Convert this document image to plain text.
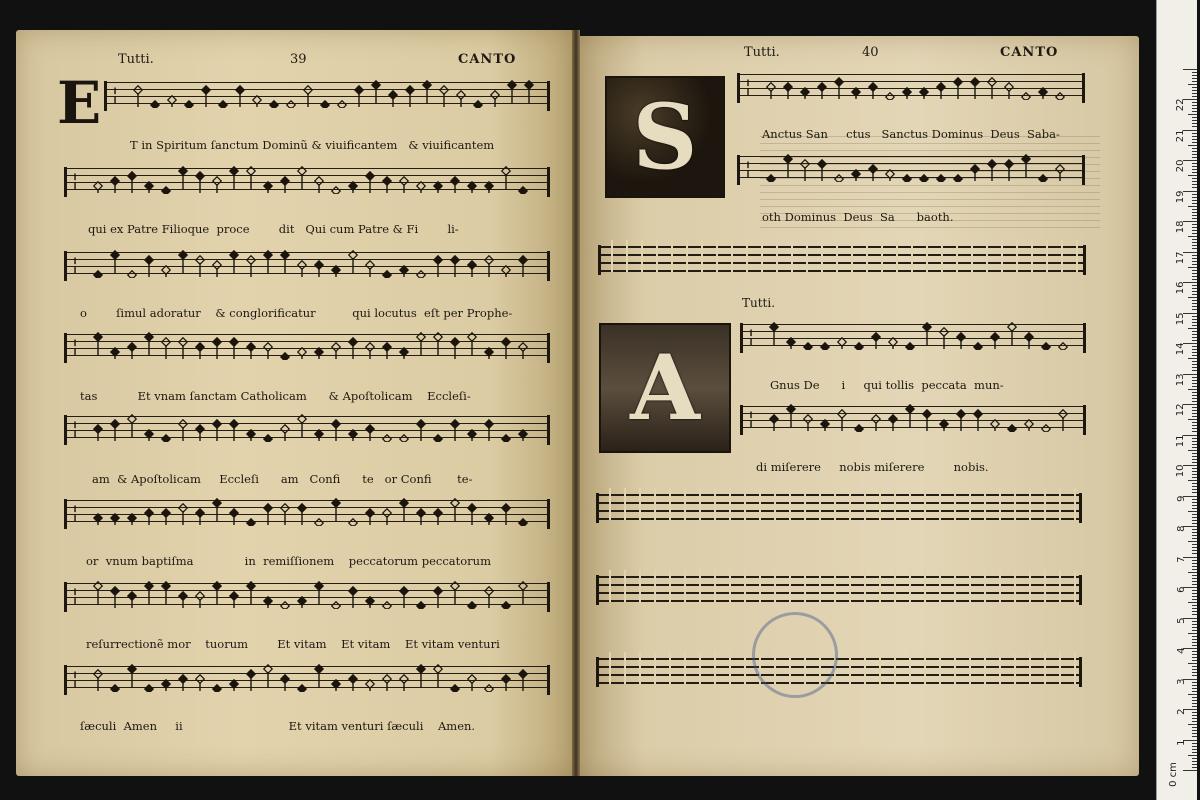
Tutti.	39	CANTO
E ¦
¦
¦
¦
¦
¦
¦
¦
T in Spiritum ſanctum Dominũ & viuificantem   & viuificantem
qui ex Patre Filioque  proce        dit   Qui cum Patre & Fi        li-
o        ſimul adoratur    & conglorificatur          qui locutus  eſt per Prophe-
tas           Et vnam ſanctam Catholicam      & Apoſtolicam    Eccleſi-
am  & Apoſtolicam     Eccleſi      am   Confi      te   or Confi       te-
or  vnum baptiſma              in  remiſſionem    peccatorum peccatorum
reſurrectionẽ mor    tuorum        Et vitam    Et vitam    Et vitam venturi
ſæculi  Amen     ii                             Et vitam venturi ſæculi    Amen.
Tutti.	40	CANTO
S
A
¦
¦
¦
¦
Anctus San     ctus   Sanctus Dominus  Deus  Saba-
oth Dominus  Deus  Sa      baoth.
Tutti.
Gnus De      i     qui tollis  peccata  mun-
di miſerere     nobis miſerere        nobis.
0 cm
1
2
3
4
5
6
7
8
9
10
11
12
13
14
15
16
17
18
19
20
21
22
